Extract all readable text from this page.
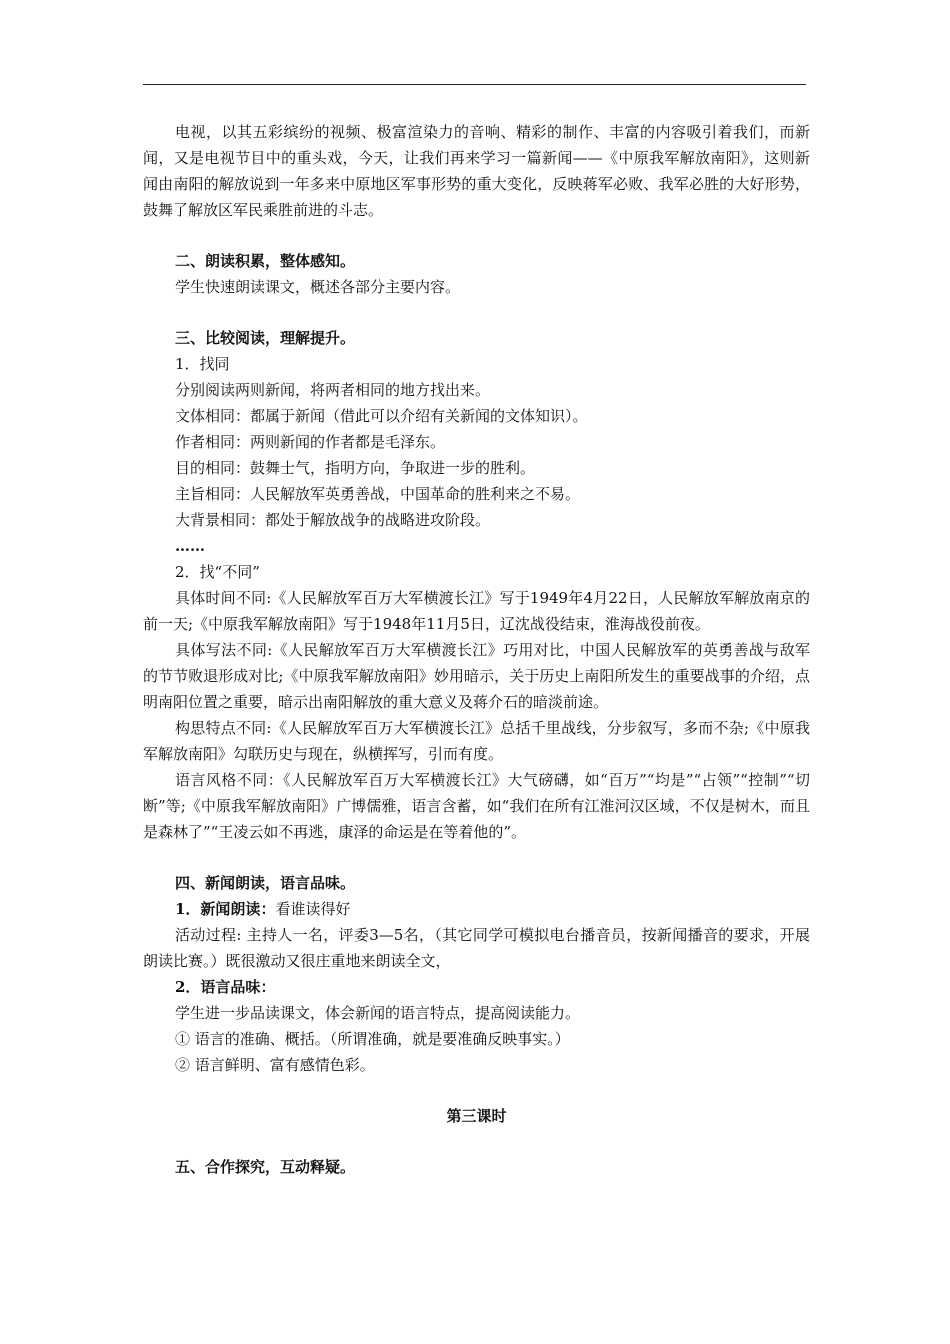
电视，以其五彩缤纷的视频、极富渲染力的音响、精彩的制作、丰富的内容吸引着我们，而新闻，又是电视节目中的重头戏，今天，让我们再来学习一篇新闻——《中原我军解放南阳》，这则新闻由南阳的解放说到一年多来中原地区军事形势的重大变化，反映蒋军必败、我军必胜的大好形势，鼓舞了解放区军民乘胜前进的斗志。

二、朗读积累，整体感知。

学生快速朗读课文，概述各部分主要内容。

三、比较阅读，理解提升。

1．找同

分别阅读两则新闻，将两者相同的地方找出来。

文体相同：都属于新闻（借此可以介绍有关新闻的文体知识）。

作者相同：两则新闻的作者都是毛泽东。

目的相同：鼓舞士气，指明方向，争取进一步的胜利。

主旨相同：人民解放军英勇善战，中国革命的胜利来之不易。

大背景相同：都处于解放战争的战略进攻阶段。

……

2．找“不同”

具体时间不同:《人民解放军百万大军横渡长江》写于1949年4月22日，人民解放军解放南京的前一天;《中原我军解放南阳》写于1948年11月5日，辽沈战役结束，淮海战役前夜。

具体写法不同:《人民解放军百万大军横渡长江》巧用对比，中国人民解放军的英勇善战与敌军的节节败退形成对比;《中原我军解放南阳》妙用暗示，关于历史上南阳所发生的重要战事的介绍，点明南阳位置之重要，暗示出南阳解放的重大意义及蒋介石的暗淡前途。

构思特点不同:《人民解放军百万大军横渡长江》总括千里战线，分步叙写，多而不杂;《中原我军解放南阳》勾联历史与现在，纵横挥写，引而有度。

语言风格不同：《人民解放军百万大军横渡长江》大气磅礴，如“百万”“均是”“占领”“控制”“切断”等;《中原我军解放南阳》广博儒雅，语言含蓄，如“我们在所有江淮河汉区域，不仅是树木，而且是森林了”“王凌云如不再逃，康泽的命运是在等着他的”。

四、新闻朗读，语言品味。

1．新闻朗读：看谁读得好

活动过程: 主持人一名，评委3—5名，（其它同学可模拟电台播音员，按新闻播音的要求，开展朗读比赛。）既很激动又很庄重地来朗读全文，

2．语言品味：

学生进一步品读课文，体会新闻的语言特点，提高阅读能力。

① 语言的准确、概括。（所谓准确，就是要准确反映事实。）

② 语言鲜明、富有感情色彩。

第三课时

五、合作探究，互动释疑。
